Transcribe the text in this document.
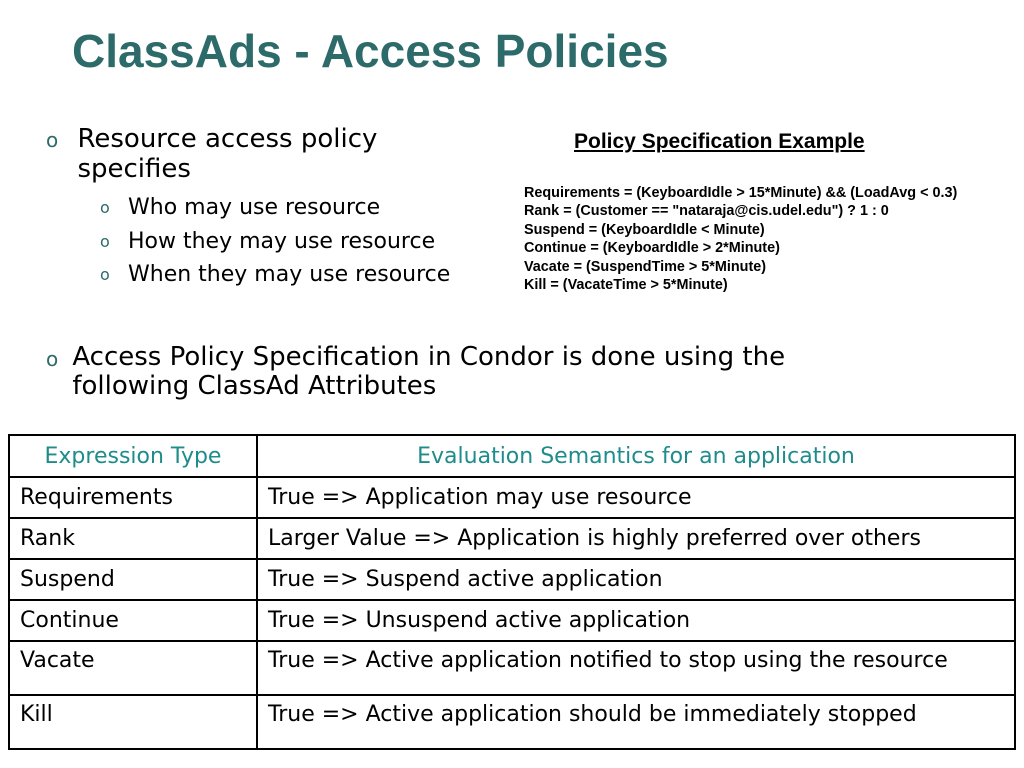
ClassAds - Access Policies
o Resource access policy specifies
o Who may use resource
o How they may use resource
o When they may use resource
Policy Specification Example
Requirements = (KeyboardIdle > 15*Minute) && (LoadAvg < 0.3)
Rank = (Customer == "nataraja@cis.udel.edu") ? 1 : 0
Suspend = (KeyboardIdle < Minute)
Continue = (KeyboardIdle > 2*Minute)
Vacate = (SuspendTime > 5*Minute)
Kill = (VacateTime > 5*Minute)
o Access Policy Specification in Condor is done using the following ClassAd Attributes
Expression Type	Evaluation Semantics for an application
Requirements	True => Application may use resource
Rank	Larger Value => Application is highly preferred over others
Suspend	True => Suspend active application
Continue	True => Unsuspend active application
Vacate	True => Active application notified to stop using the resource
Kill	True => Active application should be immediately stopped
